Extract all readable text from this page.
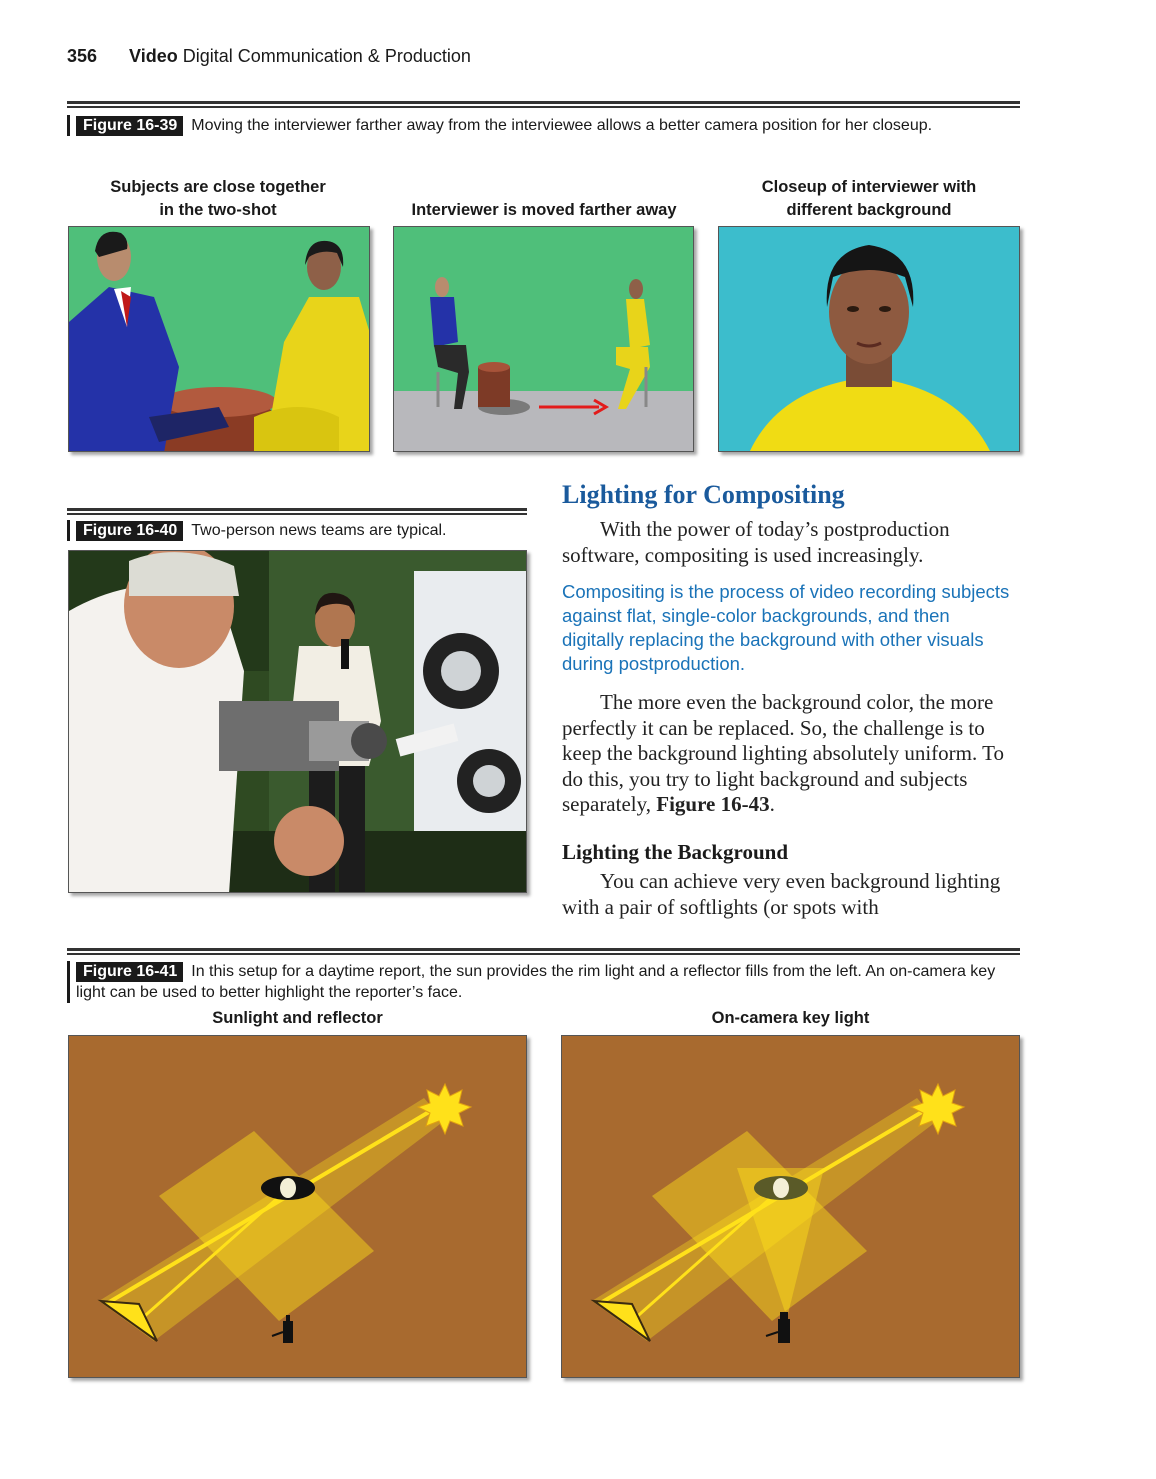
356 Video Digital Communication & Production
Figure 16-39 Moving the interviewer farther away from the interviewee allows a better camera position for her closeup.
Subjects are close together
in the two-shot	Interviewer is moved farther away
Closeup of interviewer with
different background
Figure 16-40 Two-person news teams are typical.
Lighting for Compositing
With the power of today’s postproduction software, compositing is used increasingly.
Compositing is the process of video recording subjects against flat, single-color backgrounds, and then digitally replacing the background with other visuals during postproduction.
The more even the background color, the more perfectly it can be replaced. So, the challenge is to keep the background lighting absolutely uniform. To do this, you try to light background and subjects separately, Figure 16-43.
Lighting the Background
You can achieve very even background lighting with a pair of softlights (or spots with
Figure 16-41 In this setup for a daytime report, the sun provides the rim light and a reflector fills from the left. An on-camera key light can be used to better highlight the reporter’s face.
Sunlight and reflector	On-camera key light
